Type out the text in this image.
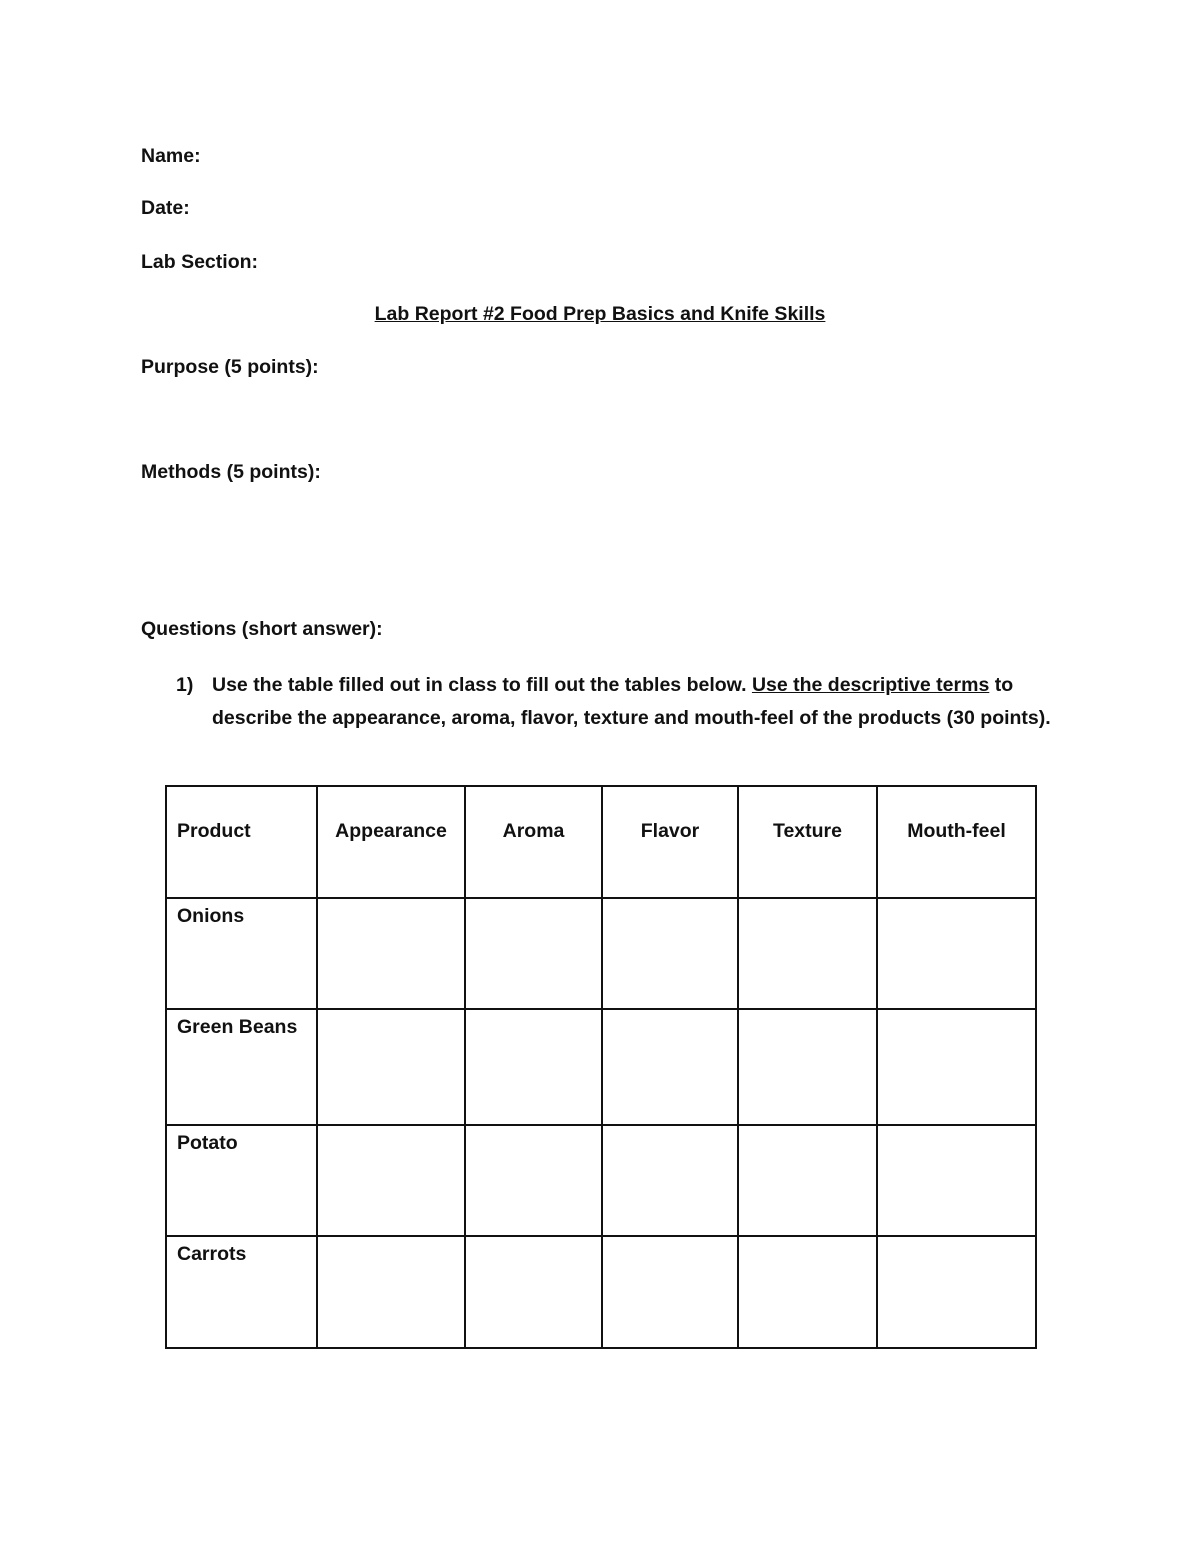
Name:
Date:
Lab Section:
Lab Report #2 Food Prep Basics and Knife Skills
Purpose (5 points):
Methods (5 points):
Questions (short answer):
1) Use the table filled out in class to fill out the tables below. Use the descriptive terms to describe the appearance, aroma, flavor, texture and mouth-feel of the products (30 points).
Product	Appearance	Aroma	Flavor	Texture	Mouth-feel

Onions					

Green Beans					

Potato					

Carrots					
